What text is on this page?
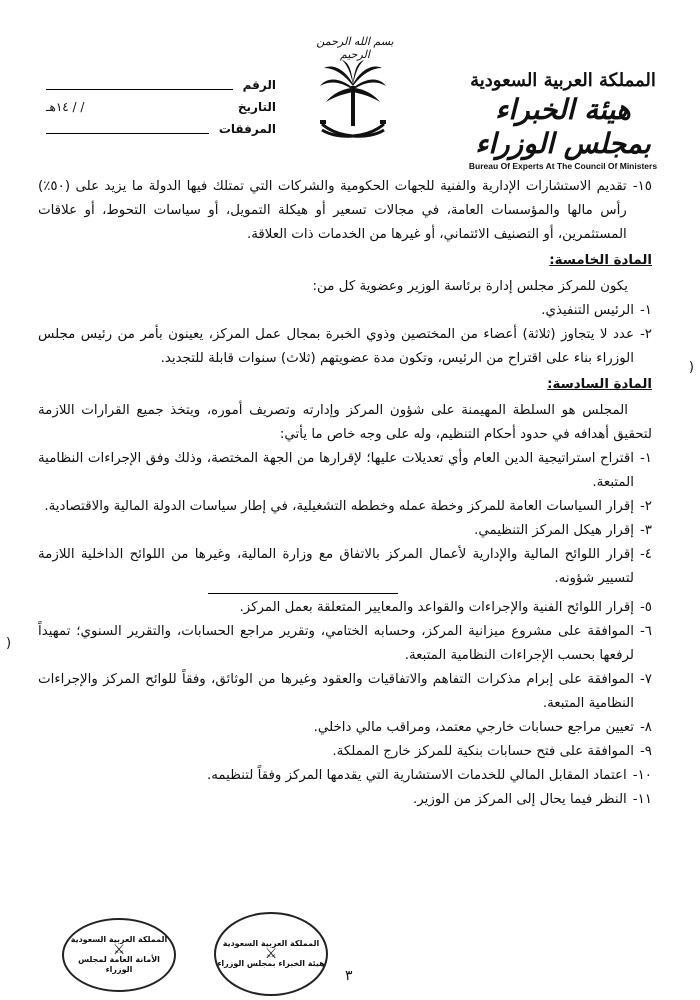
بسم الله الرحمن الرحيم
المملكة العربية السعودية
هيئة الخبراء بمجلس الوزراء
Bureau Of Experts At The Council Of Ministers
الرقم
التاريخ
/ / ١٤هـ
المرفقات
١٥-
تقديم الاستشارات الإدارية والفنية للجهات الحكومية والشركات التي تمتلك فيها الدولة ما يزيد على (٥٠٪) رأس مالها والمؤسسات العامة، في مجالات تسعير أو هيكلة التمويل، أو سياسات التحوط، أو علاقات المستثمرين، أو التصنيف الائتماني، أو غيرها من الخدمات ذات العلاقة.
المادة الخامسة:

يكون للمركز مجلس إدارة برئاسة الوزير وعضوية كل من:

١-
الرئيس التنفيذي.
٢-
عدد لا يتجاوز (ثلاثة) أعضاء من المختصين وذوي الخبرة بمجال عمل المركز، يعينون بأمر من رئيس مجلس الوزراء بناء على اقتراح من الرئيس، وتكون مدة عضويتهم (ثلاث) سنوات قابلة للتجديد.
المادة السادسة:

المجلس هو السلطة المهيمنة على شؤون المركز وإدارته وتصريف أموره، ويتخذ جميع القرارات اللازمة لتحقيق أهدافه في حدود أحكام التنظيم، وله على وجه خاص ما يأتي:

١-
اقتراح استراتيجية الدين العام وأي تعديلات عليها؛ لإقرارها من الجهة المختصة، وذلك وفق الإجراءات النظامية المتبعة.
٢-
إقرار السياسات العامة للمركز وخطة عمله وخططه التشغيلية، في إطار سياسات الدولة المالية والاقتصادية.
٣-
إقرار هيكل المركز التنظيمي.
٤-
إقرار اللوائح المالية والإدارية لأعمال المركز بالاتفاق مع وزارة المالية، وغيرها من اللوائح الداخلية اللازمة لتسيير شؤونه.
٥-
إقرار اللوائح الفنية والإجراءات والقواعد والمعايير المتعلقة بعمل المركز.
٦-
الموافقة على مشروع ميزانية المركز، وحسابه الختامي، وتقرير مراجع الحسابات، والتقرير السنوي؛ تمهيداً لرفعها بحسب الإجراءات النظامية المتبعة.
٧-
الموافقة على إبرام مذكرات التفاهم والاتفاقيات والعقود وغيرها من الوثائق، وفقاً للوائح المركز والإجراءات النظامية المتبعة.
٨-
تعيين مراجع حسابات خارجي معتمد، ومراقب مالي داخلي.
٩-
الموافقة على فتح حسابات بنكية للمركز خارج المملكة.
١٠-
اعتماد المقابل المالي للخدمات الاستشارية التي يقدمها المركز وفقاً لتنظيمه.
١١-
النظر فيما يحال إلى المركز من الوزير.
(
(
المملكة العربية السعودية
⚔
الأمانة العامة لمجلس الوزراء
المملكة العربية السعودية
⚔
هيئة الخبراء بمجلس الوزراء
٣
